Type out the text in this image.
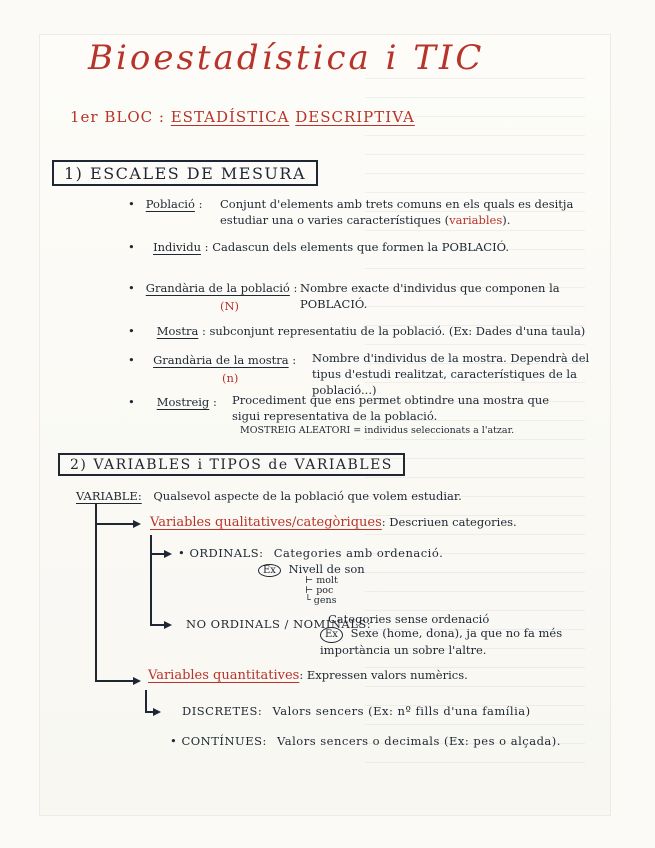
Bioestadística i TIC
1er BLOC : ESTADÍSTICA DESCRIPTIVA
1) ESCALES DE MESURA
•   Població : Conjunt d'elements amb trets comuns en els quals es desitja estudiar una o varies característiques (variables).
•     Individu : Cadascun dels elements que formen la POBLACIÓ.
•   Grandària de la població :
(N)
Nombre exacte d'individus que componen la POBLACIÓ.
•      Mostra : subconjunt representatiu de la població. (Ex: Dades d'una taula)
•     Grandària de la mostra :
(n)
Nombre d'individus de la mostra. Dependrà del tipus d'estudi realitzat, característiques de la població...)
•      Mostreig : Procediment que ens permet obtindre una mostra que sigui representativa de la població.
MOSTREIG ALEATORI = individus seleccionats a l'atzar.
2) VARIABLES i TIPOS de VARIABLES
VARIABLE: Qualsevol aspecte de la població que volem estudiar.
Variables qualitatives/categòriques: Descriuen categories.
• ORDINALS: Categories amb ordenació.
Ex Nivell de son
⊢ molt
⊢ poc
└ gens
NO ORDINALS / NOMINALS:
Categories sense ordenació
Ex Sexe (home, dona), ja que no fa més importància un sobre l'altre.
Variables quantitatives: Expressen valors numèrics.
DISCRETES: Valors sencers (Ex: nº fills d'una família)
• CONTÍNUES: Valors sencers o decimals (Ex: pes o alçada).
